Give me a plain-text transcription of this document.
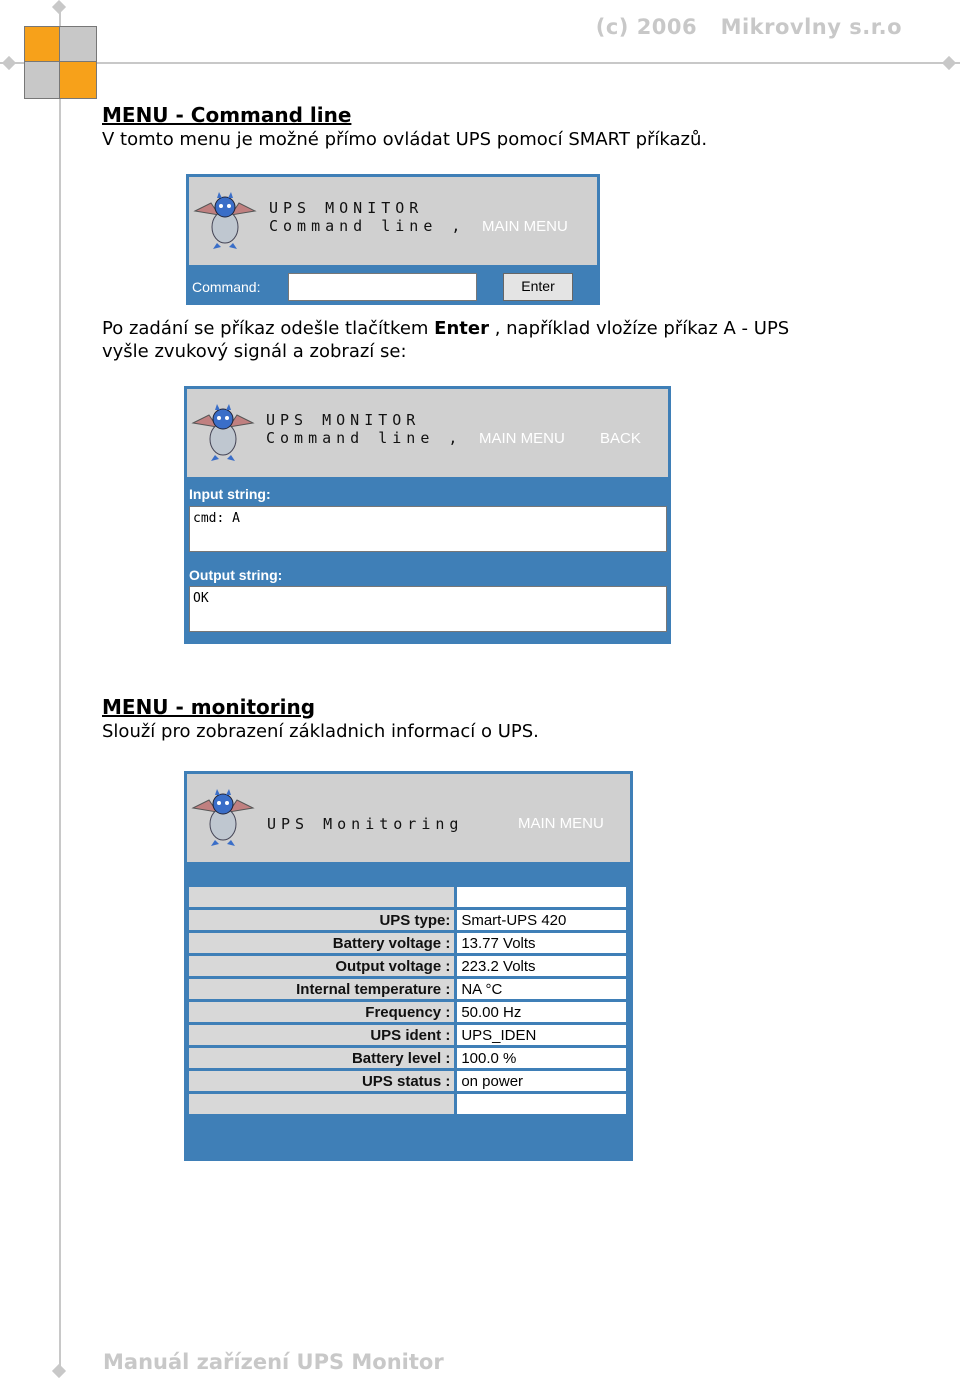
(c) 2006   Mikrovlny s.r.o
MENU - Command line
V tomto menu je možné přímo ovládat UPS pomocí SMART příkazů.
UPS MONITOR
Command line , MAIN MENU
Command:	Enter
Po zadání se příkaz odešle tlačítkem Enter , například vložíze příkaz A - UPS
vyšle zvukový signál a zobrazí se:
UPS MONITOR
Command line , MAIN MENU BACK
Input string:
cmd: A
Output string:
OK
MENU - monitoring
Slouží pro zobrazení základnich informací o UPS.
UPS Monitoring	MAIN MENU

UPS type:	Smart-UPS 420
Battery voltage :	13.77 Volts
Output voltage :	223.2 Volts
Internal temperature :	NA °C
Frequency :	50.00 Hz
UPS ident :	UPS_IDEN
Battery level :	100.0 %
UPS status :	on power

Manuál zařízení UPS Monitor
